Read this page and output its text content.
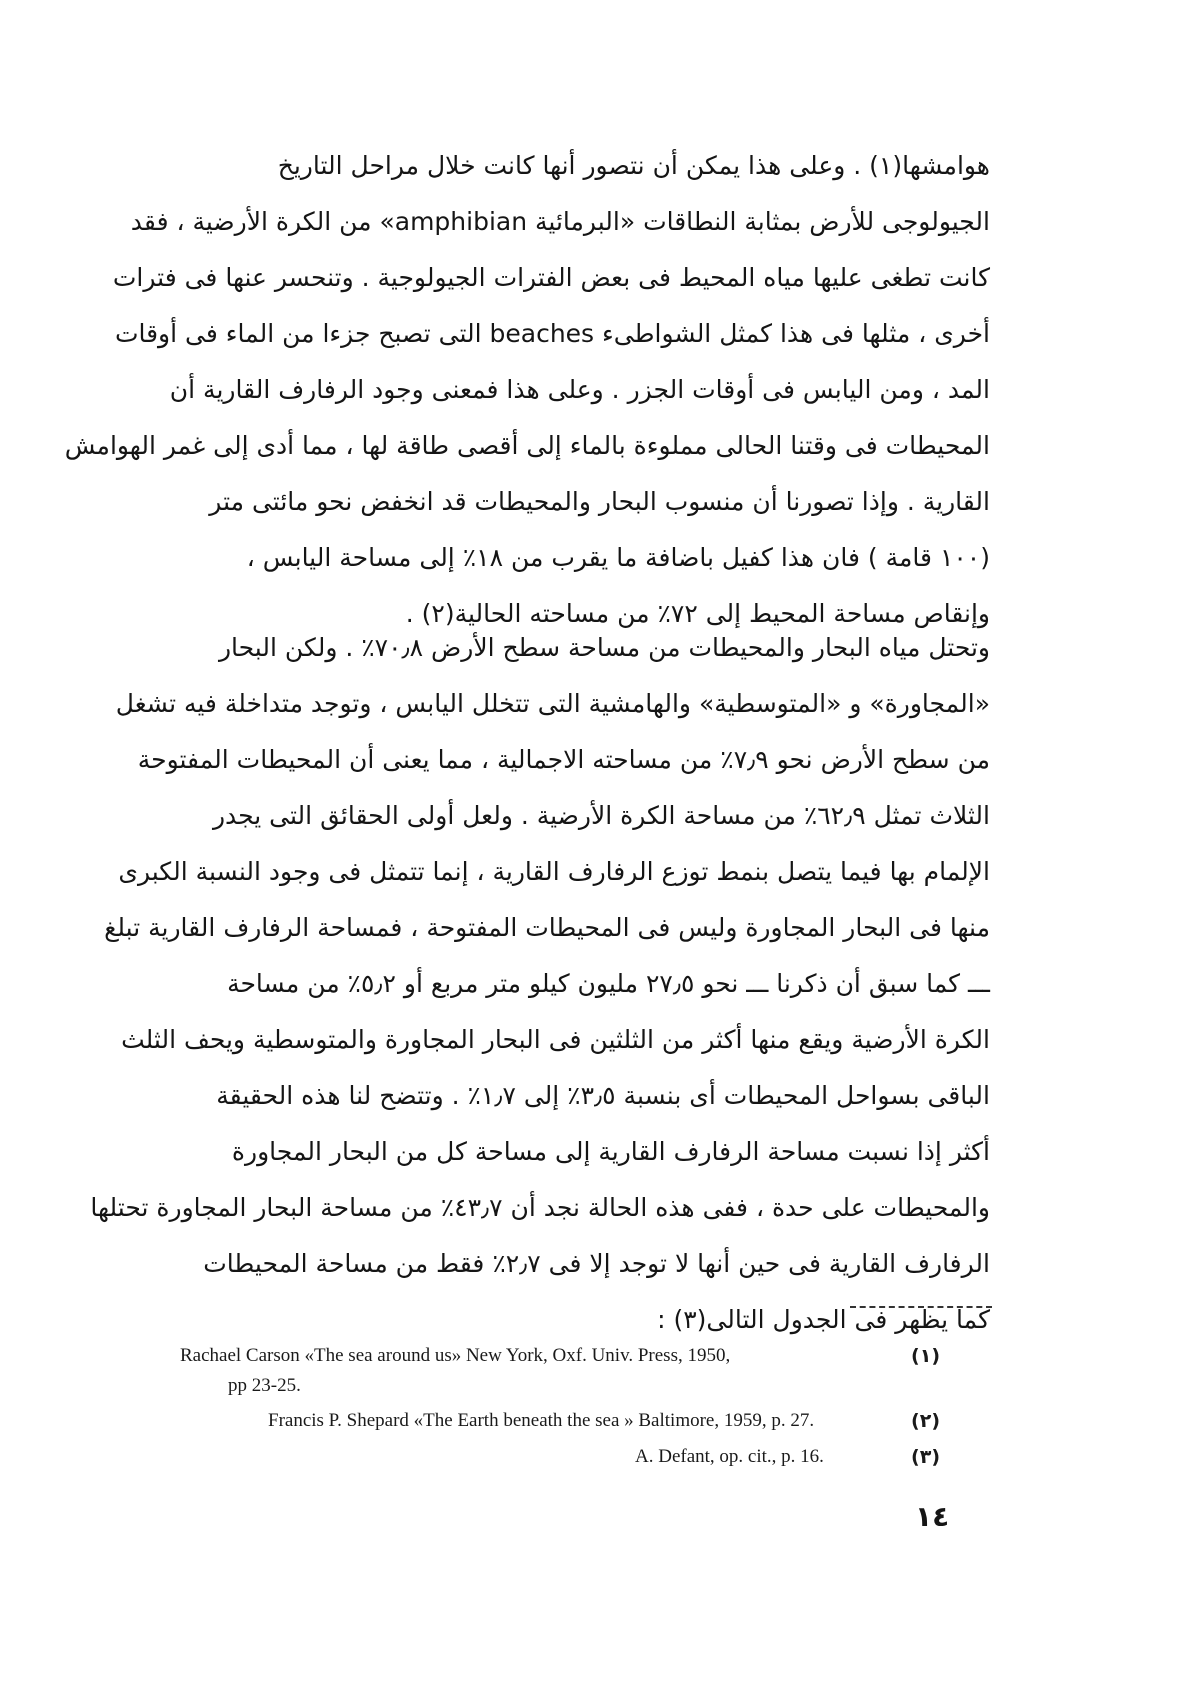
هوامشها(١) . وعلى هذا يمكن أن نتصور أنها كانت خلال مراحل التاريخ
الجيولوجى للأرض بمثابة النطاقات «البرمائية amphibian» من الكرة الأرضية ، فقد
كانت تطغى عليها مياه المحيط فى بعض الفترات الجيولوجية . وتنحسر عنها فى فترات
أخرى ، مثلها فى هذا كمثل الشواطىء beaches التى تصبح جزءا من الماء فى أوقات
المد ، ومن اليابس فى أوقات الجزر . وعلى هذا فمعنى وجود الرفارف القارية أن
المحيطات فى وقتنا الحالى مملوءة بالماء إلى أقصى طاقة لها ، مما أدى إلى غمر الهوامش
القارية . وإذا تصورنا أن منسوب البحار والمحيطات قد انخفض نحو مائتى متر
(١٠٠ قامة ) فان هذا كفيل باضافة ما يقرب من ١٨٪ إلى مساحة اليابس ،
وإنقاص مساحة المحيط إلى ٧٢٪ من مساحته الحالية(٢) .
وتحتل مياه البحار والمحيطات من مساحة سطح الأرض ٧٠٫٨٪ . ولكن البحار
«المجاورة» و «المتوسطية» والهامشية التى تتخلل اليابس ، وتوجد متداخلة فيه تشغل
من سطح الأرض نحو ٧٫٩٪ من مساحته الاجمالية ، مما يعنى أن المحيطات المفتوحة
الثلاث تمثل ٦٢٫٩٪ من مساحة الكرة الأرضية . ولعل أولى الحقائق التى يجدر
الإلمام بها فيما يتصل بنمط توزع الرفارف القارية ، إنما تتمثل فى وجود النسبة الكبرى
منها فى البحار المجاورة وليس فى المحيطات المفتوحة ، فمساحة الرفارف القارية تبلغ
ـــ كما سبق أن ذكرنا ـــ نحو ٢٧٫٥ مليون كيلو متر مربع أو ٥٫٢٪ من مساحة
الكرة الأرضية ويقع منها أكثر من الثلثين فى البحار المجاورة والمتوسطية ويحف الثلث
الباقى بسواحل المحيطات أى بنسبة ٣٫٥٪ إلى ١٫٧٪ . وتتضح لنا هذه الحقيقة
أكثر إذا نسبت مساحة الرفارف القارية إلى مساحة كل من البحار المجاورة
والمحيطات على حدة ، ففى هذه الحالة نجد أن ٤٣٫٧٪ من مساحة البحار المجاورة تحتلها
الرفارف القارية فى حين أنها لا توجد إلا فى ٢٫٧٪ فقط من مساحة المحيطات
كما يظهر فى الجدول التالى(٣) :
Rachael Carson «The sea around us» New York, Oxf. Univ. Press, 1950,	(١)
pp 23-25.
Francis P. Shepard «The Earth beneath the sea » Baltimore, 1959, p. 27.	(٢)
A. Defant, op. cit., p. 16.	(٣)
١٤
